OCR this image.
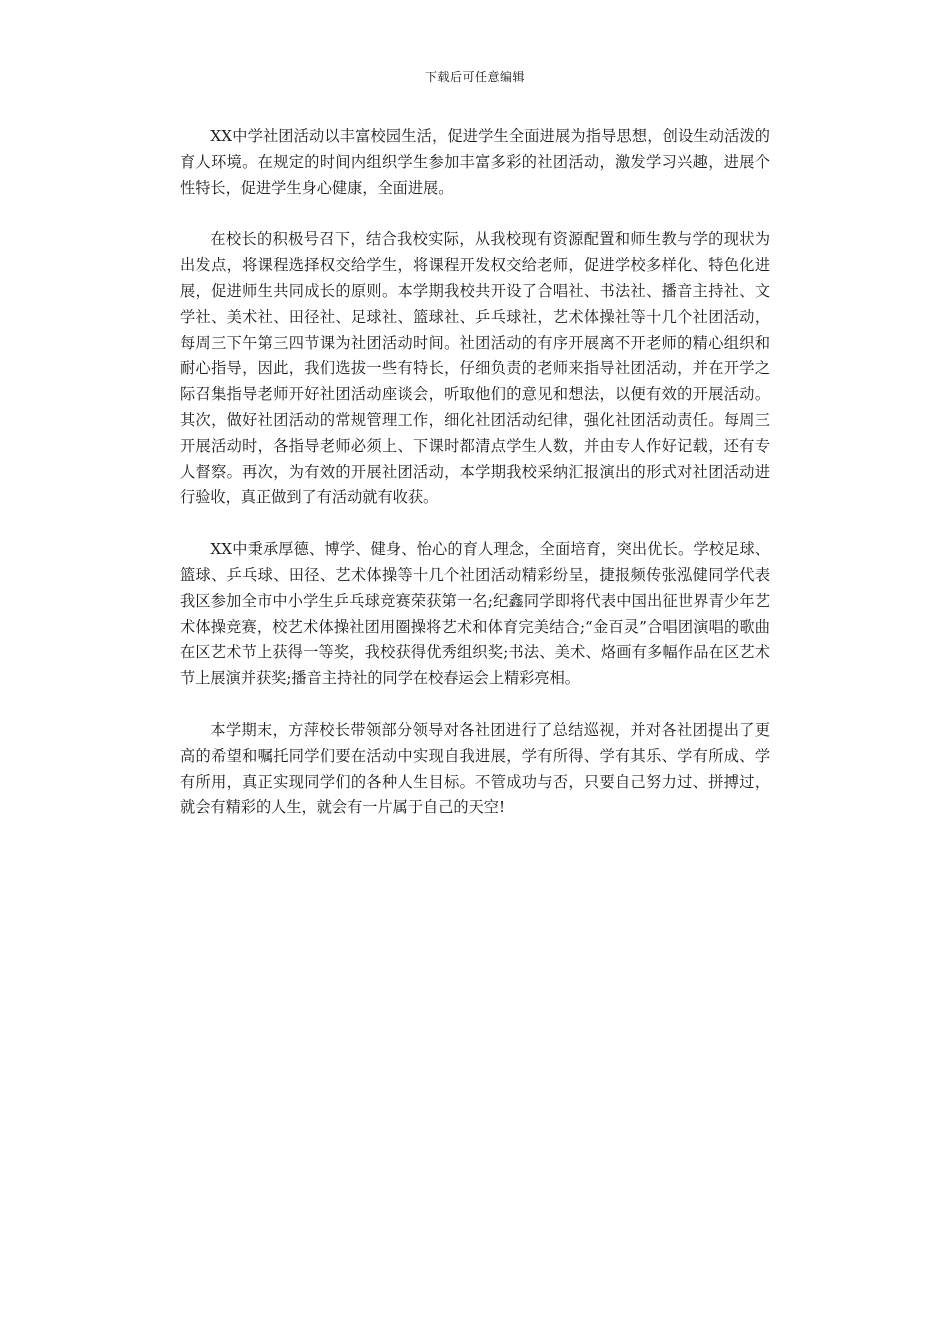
下载后可任意编辑

XX中学社团活动以丰富校园生活，促进学生全面进展为指导思想，创设生动活泼的育人环境。在规定的时间内组织学生参加丰富多彩的社团活动，激发学习兴趣，进展个性特长，促进学生身心健康，全面进展。

在校长的积极号召下，结合我校实际，从我校现有资源配置和师生教与学的现状为出发点，将课程选择权交给学生，将课程开发权交给老师，促进学校多样化、特色化进展，促进师生共同成长的原则。本学期我校共开设了合唱社、书法社、播音主持社、文学社、美术社、田径社、足球社、篮球社、乒乓球社，艺术体操社等十几个社团活动，每周三下午第三四节课为社团活动时间。社团活动的有序开展离不开老师的精心组织和耐心指导，因此，我们选拔一些有特长，仔细负责的老师来指导社团活动，并在开学之际召集指导老师开好社团活动座谈会，听取他们的意见和想法，以便有效的开展活动。其次，做好社团活动的常规管理工作，细化社团活动纪律，强化社团活动责任。每周三开展活动时，各指导老师必须上、下课时都清点学生人数，并由专人作好记载，还有专人督察。再次，为有效的开展社团活动，本学期我校采纳汇报演出的形式对社团活动进行验收，真正做到了有活动就有收获。

XX中秉承厚德、博学、健身、怡心的育人理念，全面培育，突出优长。学校足球、篮球、乒乓球、田径、艺术体操等十几个社团活动精彩纷呈，捷报频传张泓健同学代表我区参加全市中小学生乒乓球竞赛荣获第一名;纪鑫同学即将代表中国出征世界青少年艺术体操竞赛，校艺术体操社团用圈操将艺术和体育完美结合;“金百灵”合唱团演唱的歌曲在区艺术节上获得一等奖，我校获得优秀组织奖;书法、美术、烙画有多幅作品在区艺术节上展演并获奖;播音主持社的同学在校春运会上精彩亮相。

本学期末，方萍校长带领部分领导对各社团进行了总结巡视，并对各社团提出了更高的希望和嘱托同学们要在活动中实现自我进展，学有所得、学有其乐、学有所成、学有所用，真正实现同学们的各种人生目标。不管成功与否，只要自己努力过、拼搏过，就会有精彩的人生，就会有一片属于自己的天空!
